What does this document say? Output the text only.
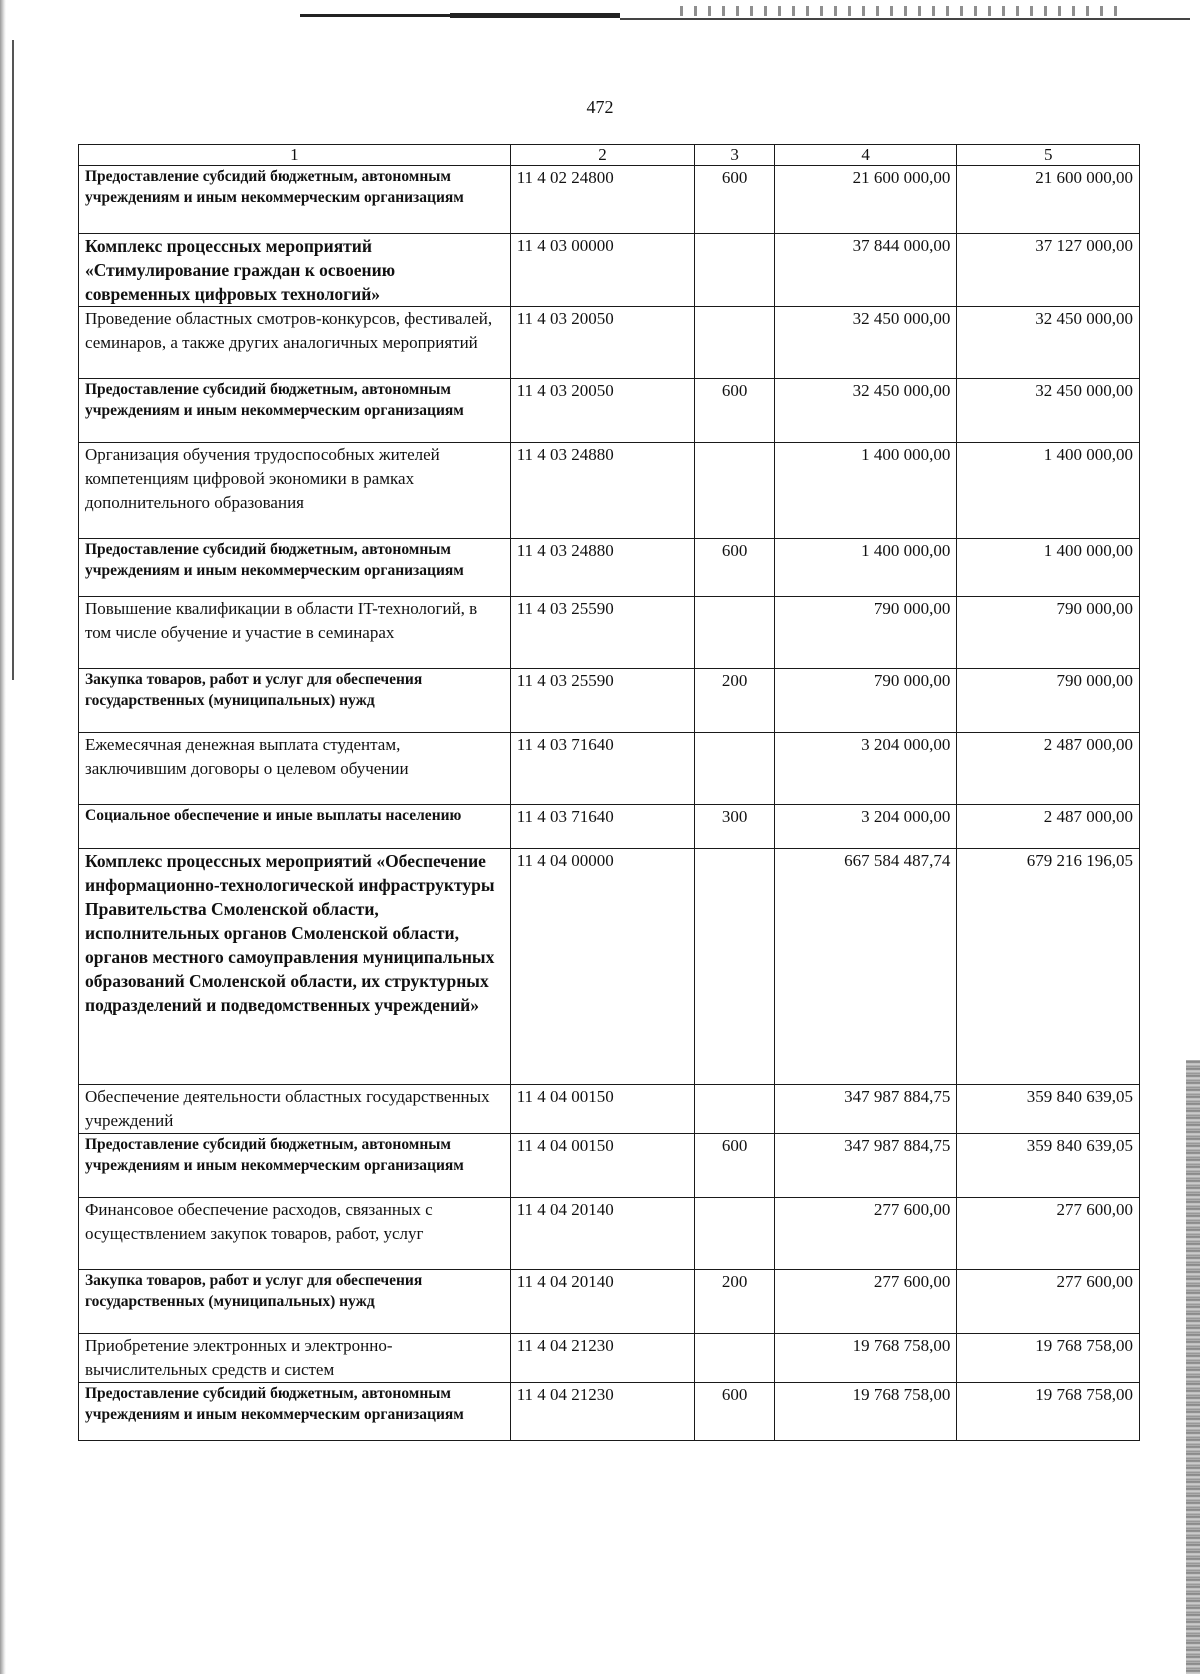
472
1	2	3	4	5
Предоставление субсидий бюджетным, автономным учреждениям и иным некоммерческим организациям	11 4 02 24800	600	21 600 000,00	21 600 000,00
Комплекс процессных мероприятий «Стимулирование граждан к освоению современных цифровых технологий»	11 4 03 00000		37 844 000,00	37 127 000,00
Проведение областных смотров-конкурсов, фестивалей, семинаров, а также других аналогичных мероприятий	11 4 03 20050		32 450 000,00	32 450 000,00
Предоставление субсидий бюджетным, автономным учреждениям и иным некоммерческим организациям	11 4 03 20050	600	32 450 000,00	32 450 000,00
Организация обучения трудоспособных жителей компетенциям цифровой экономики в рамках дополнительного образования	11 4 03 24880		1 400 000,00	1 400 000,00
Предоставление субсидий бюджетным, автономным учреждениям и иным некоммерческим организациям	11 4 03 24880	600	1 400 000,00	1 400 000,00
Повышение квалификации в области IT-технологий, в том числе обучение и участие в семинарах	11 4 03 25590		790 000,00	790 000,00
Закупка товаров, работ и услуг для обеспечения государственных (муниципальных) нужд	11 4 03 25590	200	790 000,00	790 000,00
Ежемесячная денежная выплата студентам, заключившим договоры о целевом обучении	11 4 03 71640		3 204 000,00	2 487 000,00
Социальное обеспечение и иные выплаты населению	11 4 03 71640	300	3 204 000,00	2 487 000,00
Комплекс процессных мероприятий «Обеспечение информационно-технологической инфраструктуры Правительства Смоленской области, исполнительных органов Смоленской области, органов местного самоуправления муниципальных образований Смоленской области, их структурных подразделений и подведомственных учреждений»	11 4 04 00000		667 584 487,74	679 216 196,05
Обеспечение деятельности областных государственных учреждений	11 4 04 00150		347 987 884,75	359 840 639,05
Предоставление субсидий бюджетным, автономным учреждениям и иным некоммерческим организациям	11 4 04 00150	600	347 987 884,75	359 840 639,05
Финансовое обеспечение расходов, связанных с осуществлением закупок товаров, работ, услуг	11 4 04 20140		277 600,00	277 600,00
Закупка товаров, работ и услуг для обеспечения государственных (муниципальных) нужд	11 4 04 20140	200	277 600,00	277 600,00
Приобретение электронных и электронно-вычислительных средств и систем	11 4 04 21230		19 768 758,00	19 768 758,00
Предоставление субсидий бюджетным, автономным учреждениям и иным некоммерческим организациям	11 4 04 21230	600	19 768 758,00	19 768 758,00
